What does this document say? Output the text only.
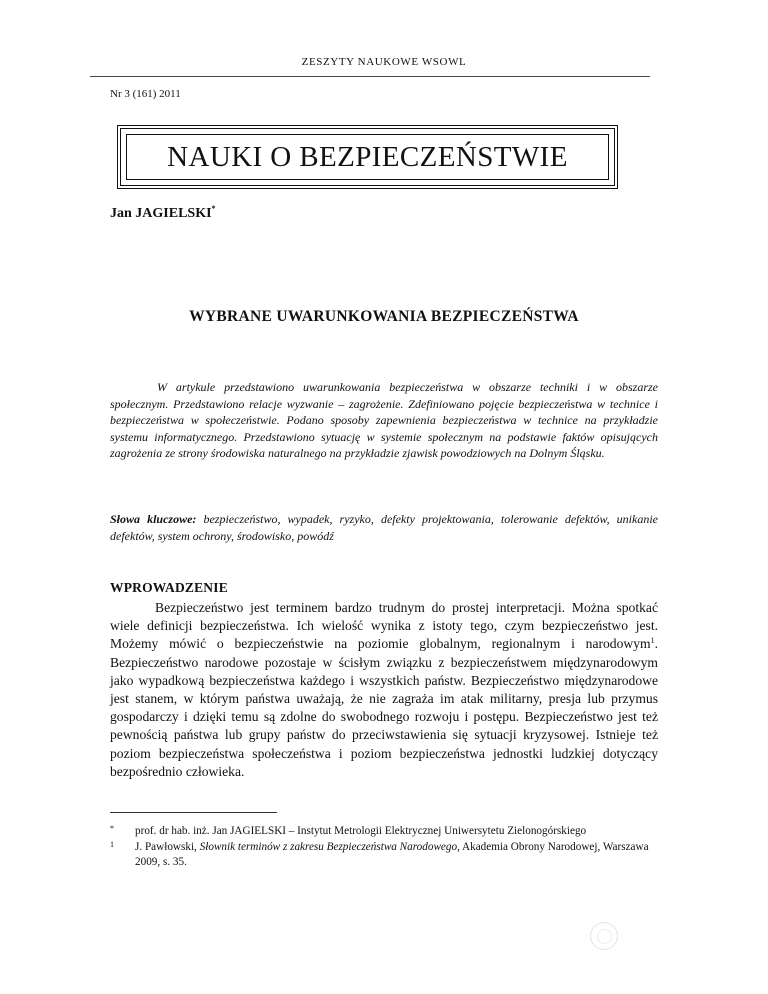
ZESZYTY NAUKOWE WSOWL
Nr 3 (161) 2011
NAUKI O BEZPIECZEŃSTWIE
Jan JAGIELSKI*
WYBRANE UWARUNKOWANIA BEZPIECZEŃSTWA

W artykule przedstawiono uwarunkowania bezpieczeństwa w obszarze techniki i w obszarze społecznym. Przedstawiono relacje wyzwanie – zagrożenie. Zdefiniowano pojęcie bezpieczeństwa w technice i bezpieczeństwa w społeczeństwie. Podano sposoby zapewnienia bezpieczeństwa w technice na przykładzie systemu informatycznego. Przedstawiono sytuację w systemie społecznym na podstawie faktów opisujących zagrożenia ze strony środowiska naturalnego na przykładzie zjawisk powodziowych na Dolnym Śląsku.

Słowa kluczowe: bezpieczeństwo, wypadek, ryzyko, defekty projektowania, tolerowanie defektów, unikanie defektów, system ochrony, środowisko, powódź

WPROWADZENIE

Bezpieczeństwo jest terminem bardzo trudnym do prostej interpretacji. Można spotkać wiele definicji bezpieczeństwa. Ich wielość wynika z istoty tego, czym bezpieczeństwo jest. Możemy mówić o bezpieczeństwie na poziomie globalnym, regionalnym i narodowym$^1$. Bezpieczeństwo narodowe pozostaje w ścisłym związku z bezpieczeństwem międzynarodowym jako wypadkową bezpieczeństwa każdego i wszystkich państw. Bezpieczeństwo międzynarodowe jest stanem, w którym państwa uważają, że nie zagraża im atak militarny, presja lub przymus gospodarczy i dzięki temu są zdolne do swobodnego rozwoju i postępu. Bezpieczeństwo jest też pewnością państwa lub grupy państw do przeciwstawienia się sytuacji kryzysowej. Istnieje też poziom bezpieczeństwa społeczeństwa i poziom bezpieczeństwa jednostki ludzkiej dotyczący bezpośrednio człowieka.

* prof. dr hab. inż. Jan JAGIELSKI – Instytut Metrologii Elektrycznej Uniwersytetu Zielonogórskiego
1 J. Pawłowski, Słownik terminów z zakresu Bezpieczeństwa Narodowego, Akademia Obrony Narodowej, Warszawa 2009, s. 35.
